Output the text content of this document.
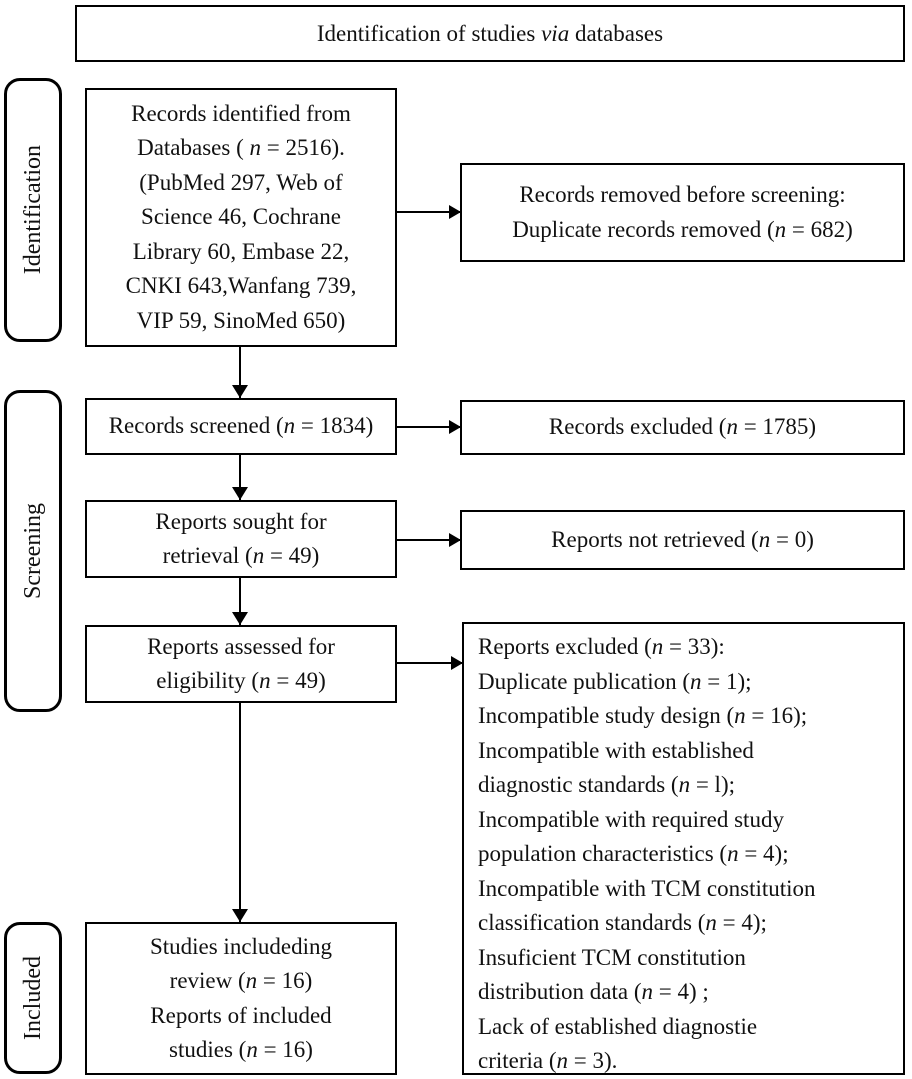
Identification of studies via databases
Identification
Screening
Included
Records identified from
Databases ( n = 2516).
(PubMed 297, Web of
Science 46, Cochrane
Library 60, Embase 22,
CNKI 643,Wanfang 739,
VIP 59, SinoMed 650)
Records screened (n = 1834)
Reports sought for
retrieval (n = 49)
Reports assessed for
eligibility (n = 49)
Studies includeding
review (n = 16)
Reports of included
studies (n = 16)
Records removed before screening:
Duplicate records removed (n = 682)
Records excluded (n = 1785)
Reports not retrieved (n = 0)
Reports excluded (n = 33):
Duplicate publication (n = 1);
Incompatible study design (n = 16);
Incompatible with established
diagnostic standards (n = l);
Incompatible with required study
population characteristics (n = 4);
Incompatible with TCM constitution
classification standards (n = 4);
Insuficient TCM constitution
distribution data (n = 4) ;
Lack of established diagnostie
criteria (n = 3).
